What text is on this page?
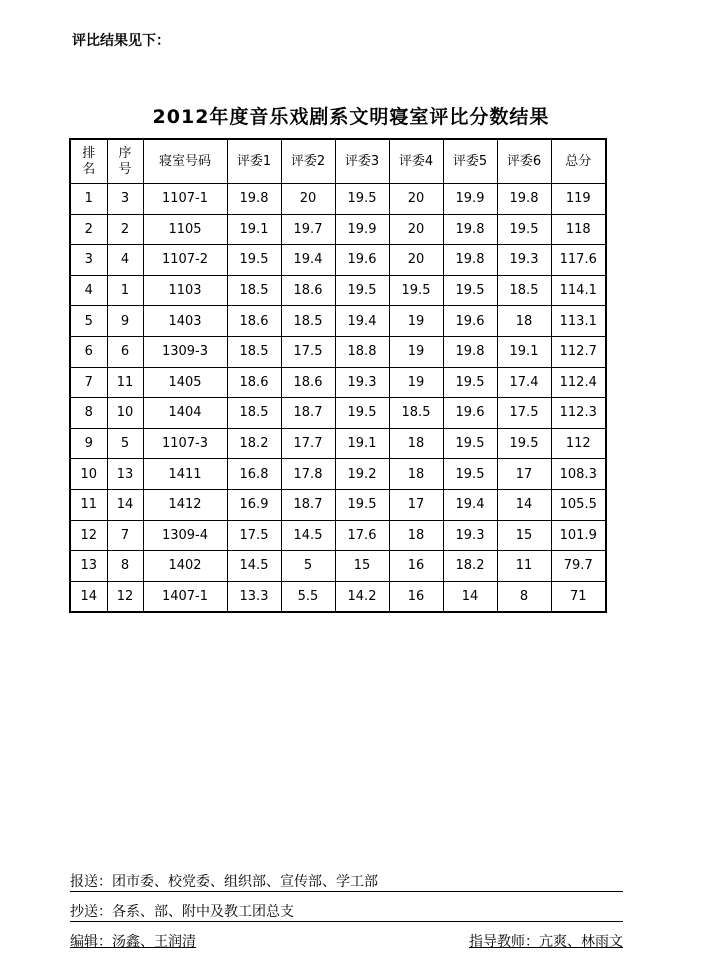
评比结果见下：
2012年度音乐戏剧系文明寝室评比分数结果
排名	序号	寝室号码	评委1	评委2	评委3	评委4	评委5	评委6	总分
1	3	1107-1	19.8	20	19.5	20	19.9	19.8	119
2	2	1105	19.1	19.7	19.9	20	19.8	19.5	118
3	4	1107-2	19.5	19.4	19.6	20	19.8	19.3	117.6
4	1	1103	18.5	18.6	19.5	19.5	19.5	18.5	114.1
5	9	1403	18.6	18.5	19.4	19	19.6	18	113.1
6	6	1309-3	18.5	17.5	18.8	19	19.8	19.1	112.7
7	11	1405	18.6	18.6	19.3	19	19.5	17.4	112.4
8	10	1404	18.5	18.7	19.5	18.5	19.6	17.5	112.3
9	5	1107-3	18.2	17.7	19.1	18	19.5	19.5	112
10	13	1411	16.8	17.8	19.2	18	19.5	17	108.3
11	14	1412	16.9	18.7	19.5	17	19.4	14	105.5
12	7	1309-4	17.5	14.5	17.6	18	19.3	15	101.9
13	8	1402	14.5	5	15	16	18.2	11	79.7
14	12	1407-1	13.3	5.5	14.2	16	14	8	71
报送：团市委、校党委、组织部、宣传部、学工部
抄送：各系、部、附中及教工团总支
编辑：汤鑫、王润清	指导教师：亢爽、林雨文
